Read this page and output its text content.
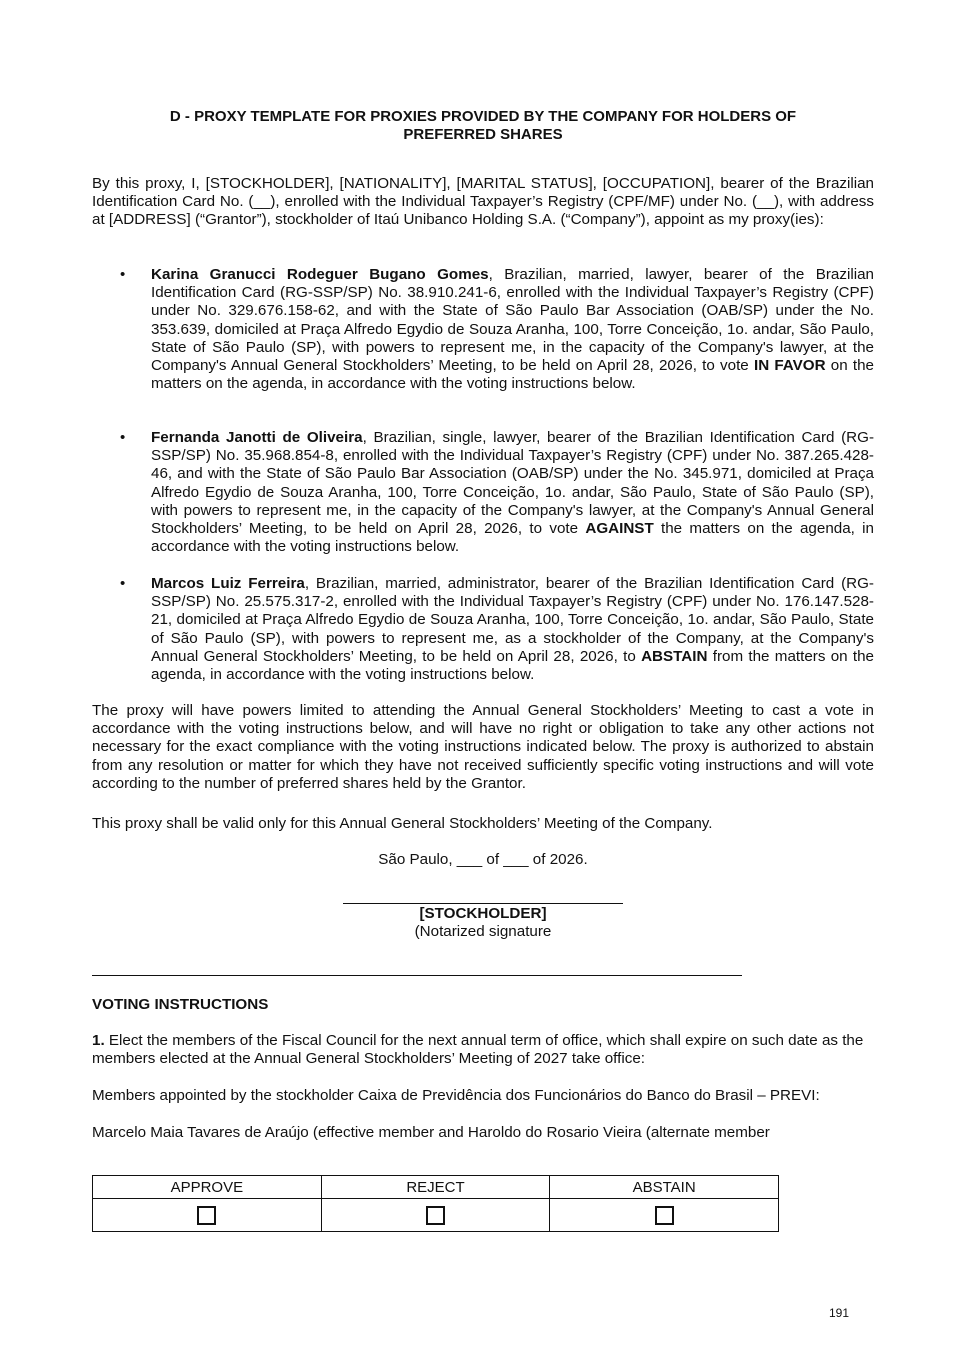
D - PROXY TEMPLATE FOR PROXIES PROVIDED BY THE COMPANY FOR HOLDERS OF
PREFERRED SHARES

By this proxy, I, [STOCKHOLDER], [NATIONALITY], [MARITAL STATUS], [OCCUPATION], bearer of the Brazilian Identification Card No. (__), enrolled with the Individual Taxpayer’s Registry (CPF/MF) under No. (__), with address at [ADDRESS] (“Grantor”), stockholder of Itaú Unibanco Holding S.A. (“Company”), appoint as my proxy(ies):

• Karina Granucci Rodeguer Bugano Gomes, Brazilian, married, lawyer, bearer of the Brazilian Identification Card (RG-SSP/SP) No. 38.910.241-6, enrolled with the Individual Taxpayer’s Registry (CPF) under No. 329.676.158-62, and with the State of São Paulo Bar Association (OAB/SP) under the No. 353.639, domiciled at Praça Alfredo Egydio de Souza Aranha, 100, Torre Conceição, 1o. andar, São Paulo, State of São Paulo (SP), with powers to represent me, in the capacity of the Company's lawyer, at the Company's Annual General Stockholders’ Meeting, to be held on April 28, 2026, to vote IN FAVOR on the matters on the agenda, in accordance with the voting instructions below.

• Fernanda Janotti de Oliveira, Brazilian, single, lawyer, bearer of the Brazilian Identification Card (RG-SSP/SP) No. 35.968.854-8, enrolled with the Individual Taxpayer’s Registry (CPF) under No. 387.265.428-46, and with the State of São Paulo Bar Association (OAB/SP) under the No. 345.971, domiciled at Praça Alfredo Egydio de Souza Aranha, 100, Torre Conceição, 1o. andar, São Paulo, State of São Paulo (SP), with powers to represent me, in the capacity of the Company's lawyer, at the Company's Annual General Stockholders’ Meeting, to be held on April 28, 2026, to vote AGAINST the matters on the agenda, in accordance with the voting instructions below.

• Marcos Luiz Ferreira, Brazilian, married, administrator, bearer of the Brazilian Identification Card (RG-SSP/SP) No. 25.575.317-2, enrolled with the Individual Taxpayer’s Registry (CPF) under No. 176.147.528-21, domiciled at Praça Alfredo Egydio de Souza Aranha, 100, Torre Conceição, 1o. andar, São Paulo, State of São Paulo (SP), with powers to represent me, as a stockholder of the Company, at the Company's Annual General Stockholders’ Meeting, to be held on April 28, 2026, to ABSTAIN from the matters on the agenda, in accordance with the voting instructions below.

The proxy will have powers limited to attending the Annual General Stockholders’ Meeting to cast a vote in accordance with the voting instructions below, and will have no right or obligation to take any other actions not necessary for the exact compliance with the voting instructions indicated below. The proxy is authorized to abstain from any resolution or matter for which they have not received sufficiently specific voting instructions and will vote according to the number of preferred shares held by the Grantor.

This proxy shall be valid only for this Annual General Stockholders’ Meeting of the Company.

São Paulo, ___ of ___ of 2026.
[STOCKHOLDER]
(Notarized signature
VOTING INSTRUCTIONS

1. Elect the members of the Fiscal Council for the next annual term of office, which shall expire on such date as the members elected at the Annual General Stockholders’ Meeting of 2027 take office:

Members appointed by the stockholder Caixa de Previdência dos Funcionários do Banco do Brasil – PREVI:

Marcelo Maia Tavares de Araújo (effective member and Haroldo do Rosario Vieira (alternate member

APPROVE	REJECT	ABSTAIN

191
